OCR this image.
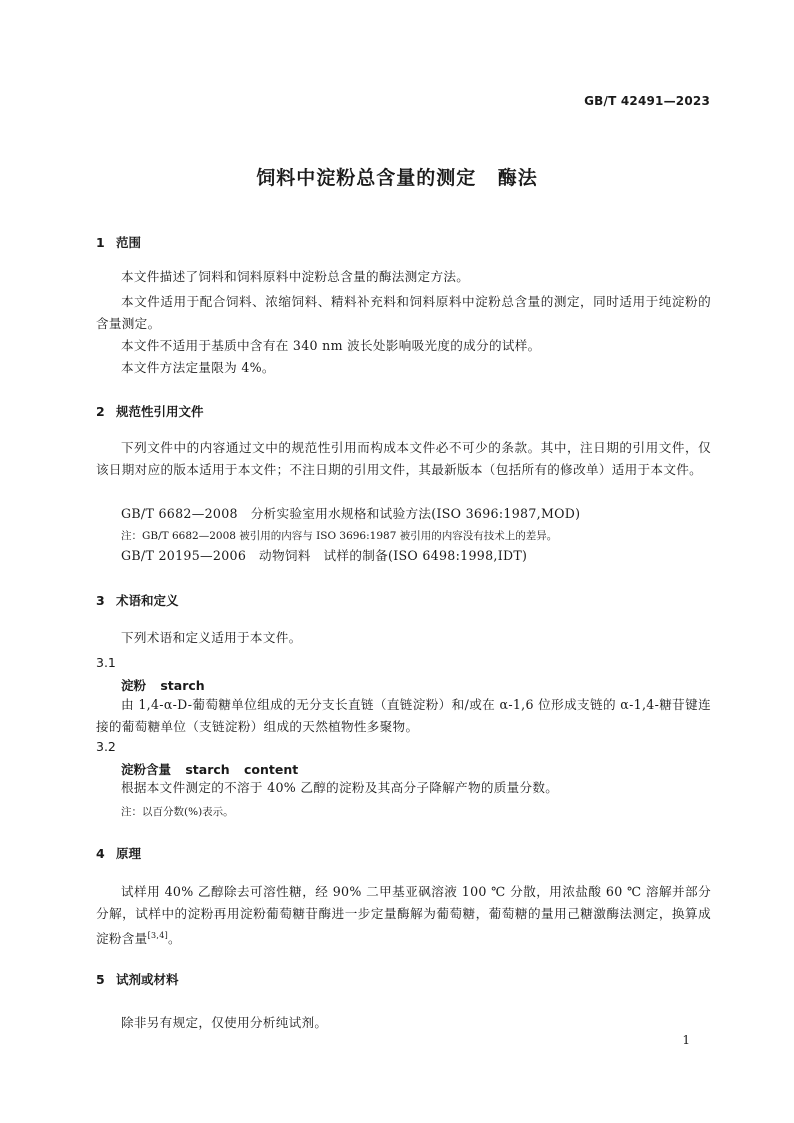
GB/T 42491—2023
饲料中淀粉总含量的测定 酶法
1 范围
本文件描述了饲料和饲料原料中淀粉总含量的酶法测定方法。
本文件适用于配合饲料、浓缩饲料、精料补充料和饲料原料中淀粉总含量的测定，同时适用于纯淀粉的含量测定。
本文件不适用于基质中含有在 340 nm 波长处影响吸光度的成分的试样。
本文件方法定量限为 4%。
2 规范性引用文件
下列文件中的内容通过文中的规范性引用而构成本文件必不可少的条款。其中，注日期的引用文件，仅该日期对应的版本适用于本文件；不注日期的引用文件，其最新版本（包括所有的修改单）适用于本文件。
GB/T 6682—2008　分析实验室用水规格和试验方法(ISO 3696:1987,MOD)
注：GB/T 6682—2008 被引用的内容与 ISO 3696:1987 被引用的内容没有技术上的差异。
GB/T 20195—2006　动物饲料　试样的制备(ISO 6498:1998,IDT)
3 术语和定义
下列术语和定义适用于本文件。
3.1
淀粉 starch
由 1,4-α-D-葡萄糖单位组成的无分支长直链（直链淀粉）和/或在 α-1,6 位形成支链的 α-1,4-糖苷键连接的葡萄糖单位（支链淀粉）组成的天然植物性多聚物。
3.2
淀粉含量 starch content
根据本文件测定的不溶于 40% 乙醇的淀粉及其高分子降解产物的质量分数。
注：以百分数(%)表示。
4 原理
试样用 40% 乙醇除去可溶性糖，经 90% 二甲基亚砜溶液 100 ℃ 分散，用浓盐酸 60 ℃ 溶解并部分分解，试样中的淀粉再用淀粉葡萄糖苷酶进一步定量酶解为葡萄糖，葡萄糖的量用己糖激酶法测定，换算成淀粉含量[3,4]。
5 试剂或材料
除非另有规定，仅使用分析纯试剂。
1
